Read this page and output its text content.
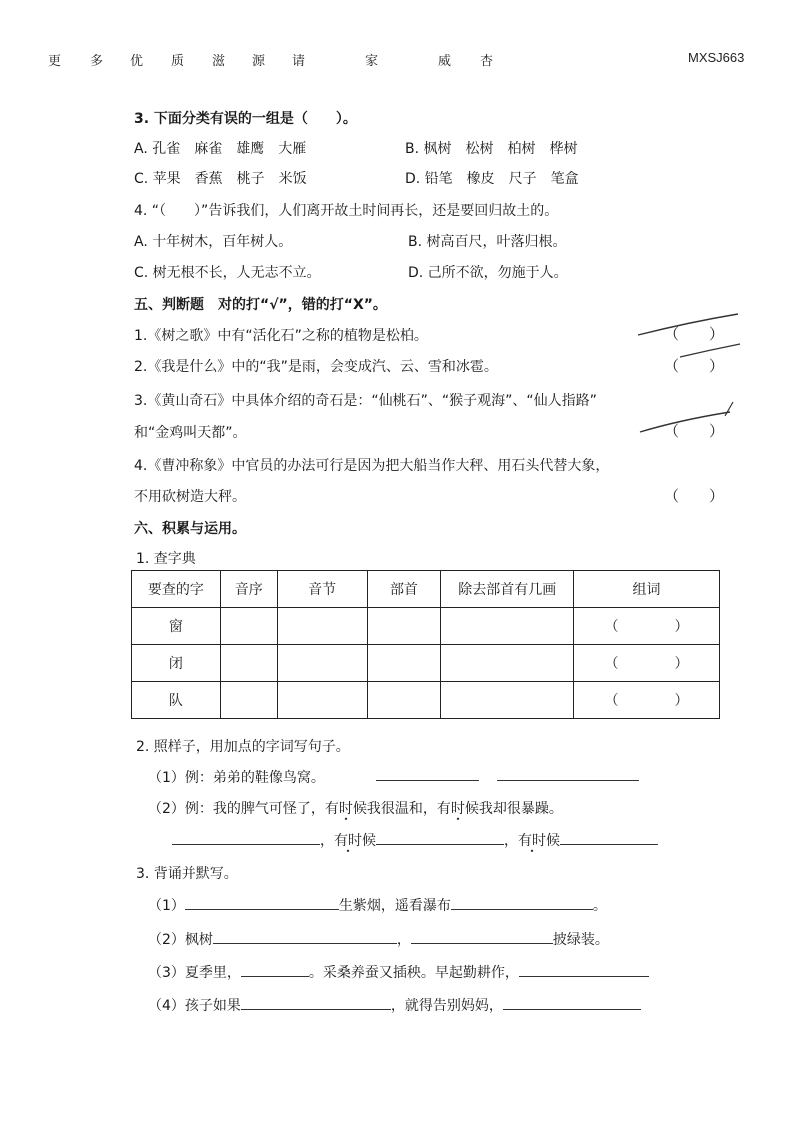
更 多 优 质 滋 源 请	家	威 杏	MXSJ663
3. 下面分类有误的一组是（　　）。
A. 孔雀　麻雀　雄鹰　大雁	B. 枫树　松树　柏树　桦树
C. 苹果　香蕉　桃子　米饭	D. 铅笔　橡皮　尺子　笔盒
4. “（　　）”告诉我们，人们离开故土时间再长，还是要回归故土的。
A. 十年树木，百年树人。	B. 树高百尺，叶落归根。
C. 树无根不长，人无志不立。	D. 己所不欲，勿施于人。
五、判断题　对的打“√”，错的打“X”。
1.《树之歌》中有“活化石”之称的植物是松柏。	（　　）
2.《我是什么》中的“我”是雨，会变成汽、云、雪和冰雹。	（　　）
3.《黄山奇石》中具体介绍的奇石是：“仙桃石”、“猴子观海”、“仙人指路”
和“金鸡叫天都”。	（　　）
4.《曹冲称象》中官员的办法可行是因为把大船当作大秤、用石头代替大象，
不用砍树造大秤。	（　　）
六、积累与运用。
1. 查字典
要查的字	音序	音节	部首	除去部首有几画	组词
窗					（　　　　）
闭					（　　　　）
队					（　　　　）
2. 照样子，用加点的字词写句子。
（1）例：弟弟的鞋像鸟窝。
（2）例：我的脾气可怪了，有时候我很温和，有时候我却很暴躁。
，有时候 •	，有时候 •
3. 背诵并默写。
（1）	生紫烟，遥看瀑布	。
（2）枫树	，	披绿装。
（3）夏季里，	。采桑养蚕又插秧。早起勤耕作，
（4）孩子如果	，就得告别妈妈，
